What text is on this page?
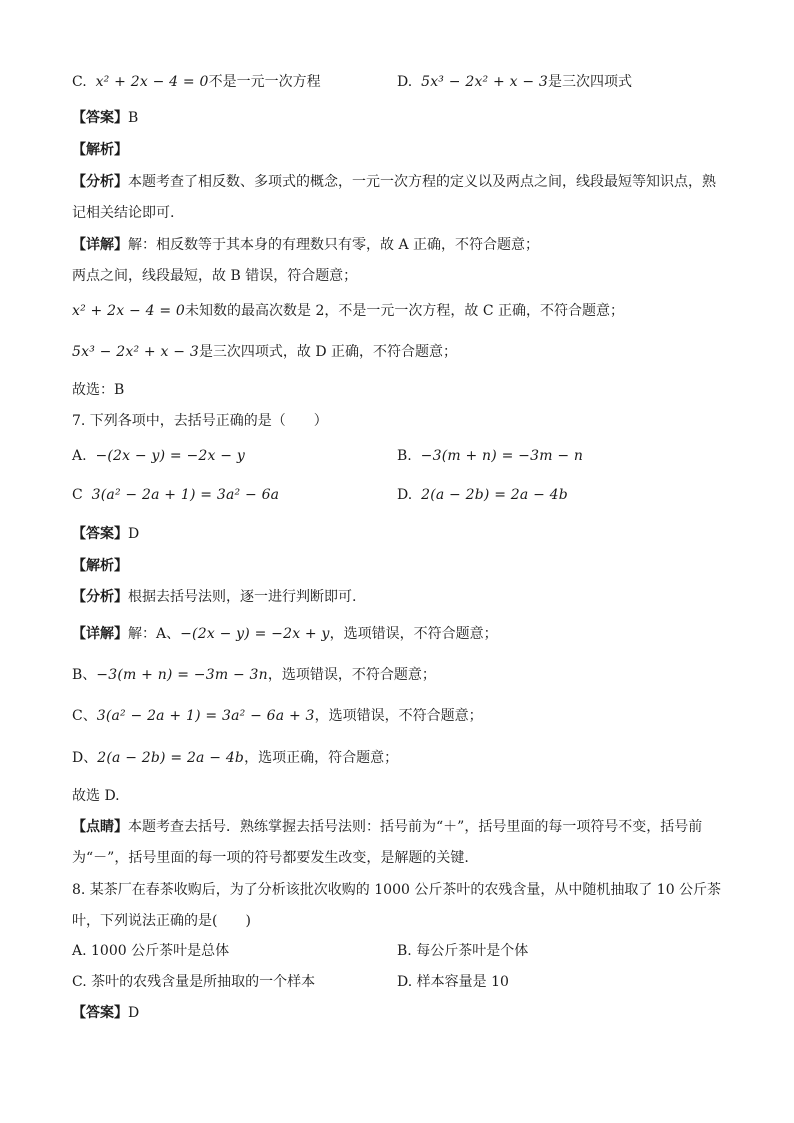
C. x² + 2x − 4 = 0不是一元一次方程	D. 5x³ − 2x² + x − 3是三次四项式
【答案】B
【解析】
【分析】本题考查了相反数、多项式的概念，一元一次方程的定义以及两点之间，线段最短等知识点，熟
记相关结论即可.
【详解】解：相反数等于其本身的有理数只有零，故 A 正确，不符合题意；
两点之间，线段最短，故 B 错误，符合题意；
x² + 2x − 4 = 0未知数的最高次数是 2，不是一元一次方程，故 C 正确，不符合题意；
5x³ − 2x² + x − 3是三次四项式，故 D 正确，不符合题意；
故选：B
7. 下列各项中，去括号正确的是（　　）
A. −(2x − y) = −2x − y	B. −3(m + n) = −3m − n
C 3(a² − 2a + 1) = 3a² − 6a	D. 2(a − 2b) = 2a − 4b
【答案】D
【解析】
【分析】根据去括号法则，逐一进行判断即可.
【详解】解：A、−(2x − y) = −2x + y，选项错误，不符合题意；
B、−3(m + n) = −3m − 3n，选项错误，不符合题意；
C、3(a² − 2a + 1) = 3a² − 6a + 3，选项错误，不符合题意；
D、2(a − 2b) = 2a − 4b，选项正确，符合题意；
故选 D.
【点睛】本题考查去括号．熟练掌握去括号法则：括号前为“＋”，括号里面的每一项符号不变，括号前
为“－”，括号里面的每一项的符号都要发生改变，是解题的关键.
8. 某茶厂在春茶收购后，为了分析该批次收购的 1000 公斤茶叶的农残含量，从中随机抽取了 10 公斤茶
叶，下列说法正确的是(　　)
A. 1000 公斤茶叶是总体	B. 每公斤茶叶是个体
C. 茶叶的农残含量是所抽取的一个样本	D. 样本容量是 10
【答案】D
